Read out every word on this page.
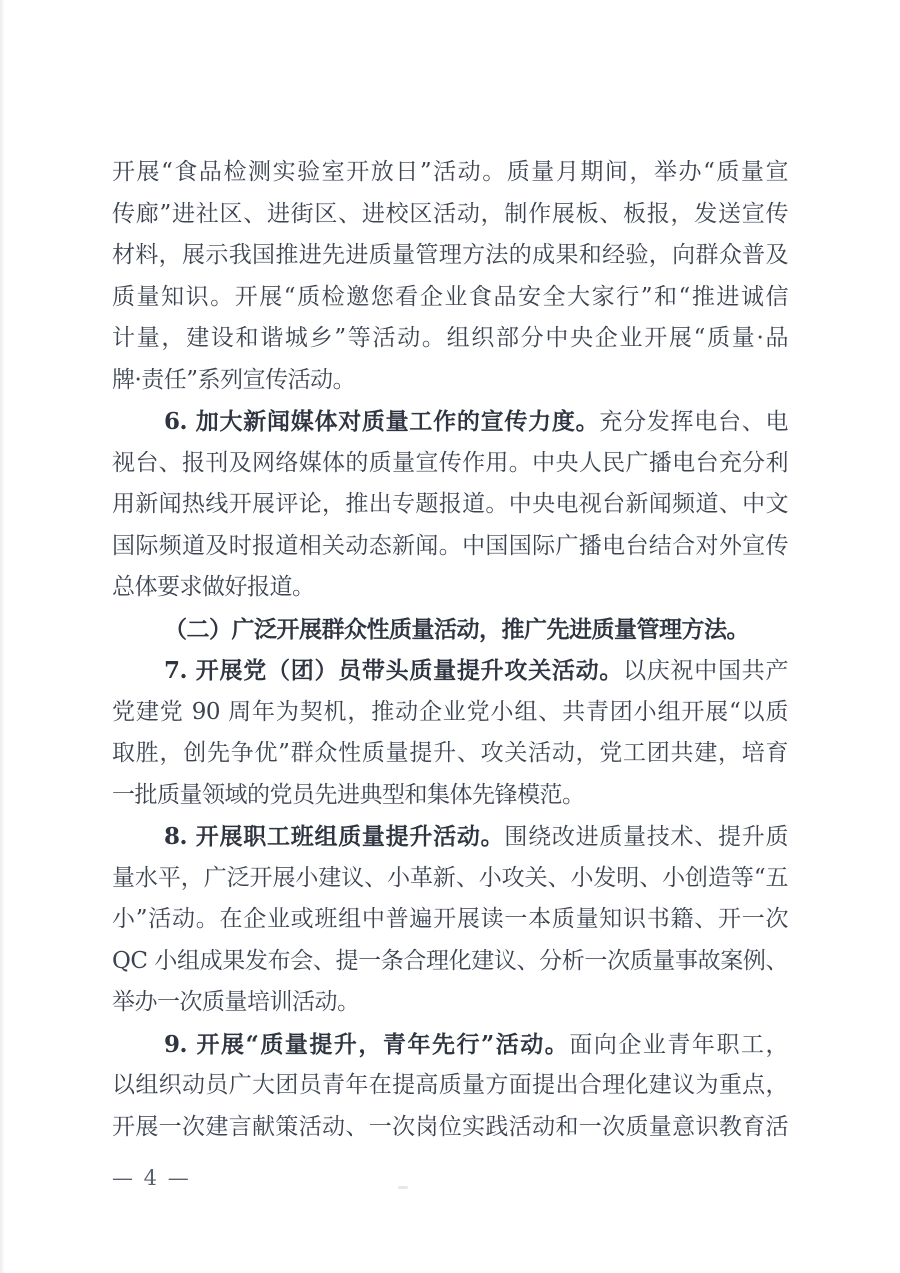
开展“食品检测实验室开放日”活动。质量月期间，举办“质量宣
传廊”进社区、进街区、进校区活动，制作展板、板报，发送宣传
材料，展示我国推进先进质量管理方法的成果和经验，向群众普及
质量知识。开展“质检邀您看企业食品安全大家行”和“推进诚信
计量，建设和谐城乡”等活动。组织部分中央企业开展“质量·品
牌·责任”系列宣传活动。
6. 加大新闻媒体对质量工作的宣传力度。充分发挥电台、电
视台、报刊及网络媒体的质量宣传作用。中央人民广播电台充分利
用新闻热线开展评论，推出专题报道。中央电视台新闻频道、中文
国际频道及时报道相关动态新闻。中国国际广播电台结合对外宣传
总体要求做好报道。
（二）广泛开展群众性质量活动，推广先进质量管理方法。
7. 开展党（团）员带头质量提升攻关活动。以庆祝中国共产
党建党 90 周年为契机，推动企业党小组、共青团小组开展“以质
取胜，创先争优”群众性质量提升、攻关活动，党工团共建，培育
一批质量领域的党员先进典型和集体先锋模范。
8. 开展职工班组质量提升活动。围绕改进质量技术、提升质
量水平，广泛开展小建议、小革新、小攻关、小发明、小创造等“五
小”活动。在企业或班组中普遍开展读一本质量知识书籍、开一次
QC 小组成果发布会、提一条合理化建议、分析一次质量事故案例、
举办一次质量培训活动。
9. 开展“质量提升，青年先行”活动。面向企业青年职工，
以组织动员广大团员青年在提高质量方面提出合理化建议为重点，
开展一次建言献策活动、一次岗位实践活动和一次质量意识教育活
— 4 —
